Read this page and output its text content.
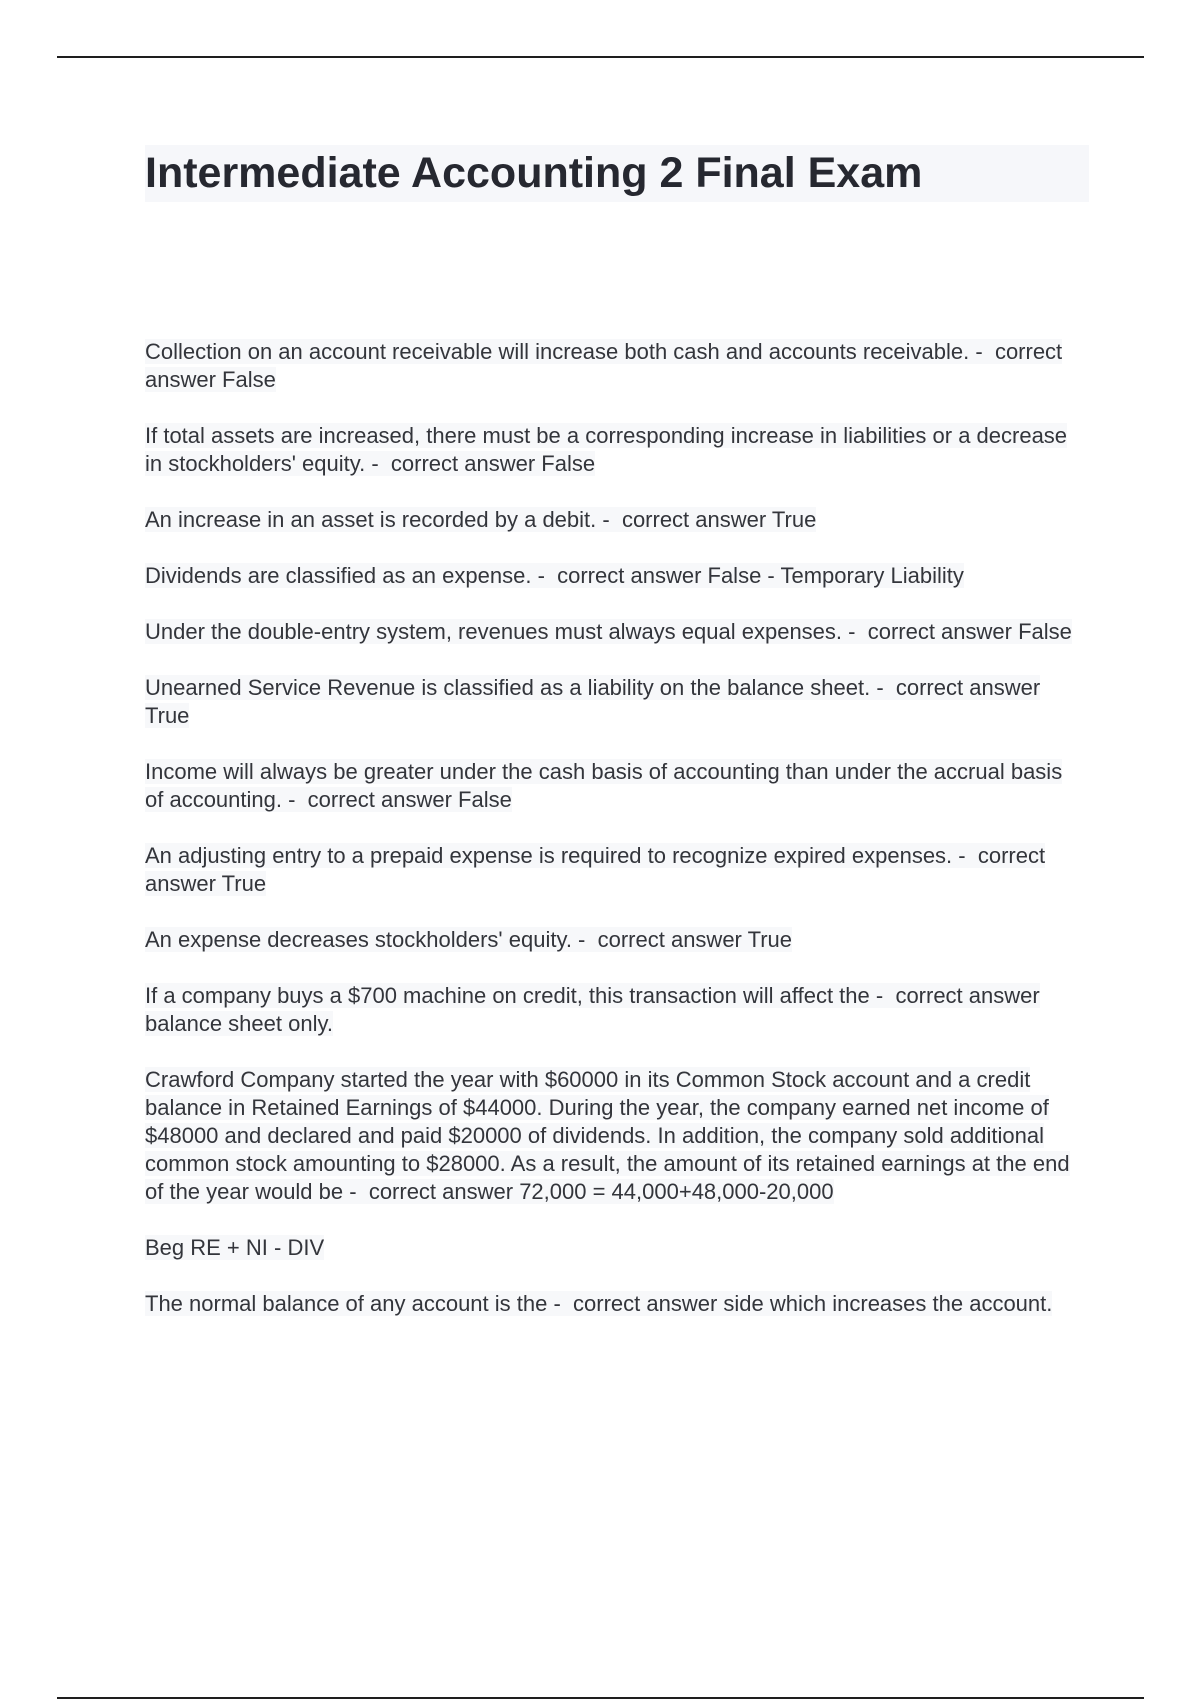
Intermediate Accounting 2 Final Exam

Collection on an account receivable will increase both cash and accounts receivable. -  correct answer False

If total assets are increased, there must be a corresponding increase in liabilities or a decrease in stockholders' equity. -  correct answer False

An increase in an asset is recorded by a debit. -  correct answer True

Dividends are classified as an expense. -  correct answer False - Temporary Liability

Under the double-entry system, revenues must always equal expenses. -  correct answer False

Unearned Service Revenue is classified as a liability on the balance sheet. -  correct answer True

Income will always be greater under the cash basis of accounting than under the accrual basis of accounting. -  correct answer False

An adjusting entry to a prepaid expense is required to recognize expired expenses. -  correct answer True

An expense decreases stockholders' equity. -  correct answer True

If a company buys a $700 machine on credit, this transaction will affect the -  correct answer balance sheet only.

Crawford Company started the year with $60000 in its Common Stock account and a credit balance in Retained Earnings of $44000. During the year, the company earned net income of $48000 and declared and paid $20000 of dividends. In addition, the company sold additional common stock amounting to $28000. As a result, the amount of its retained earnings at the end of the year would be -  correct answer 72,000 = 44,000+48,000-20,000

Beg RE + NI - DIV

The normal balance of any account is the -  correct answer side which increases the account.
